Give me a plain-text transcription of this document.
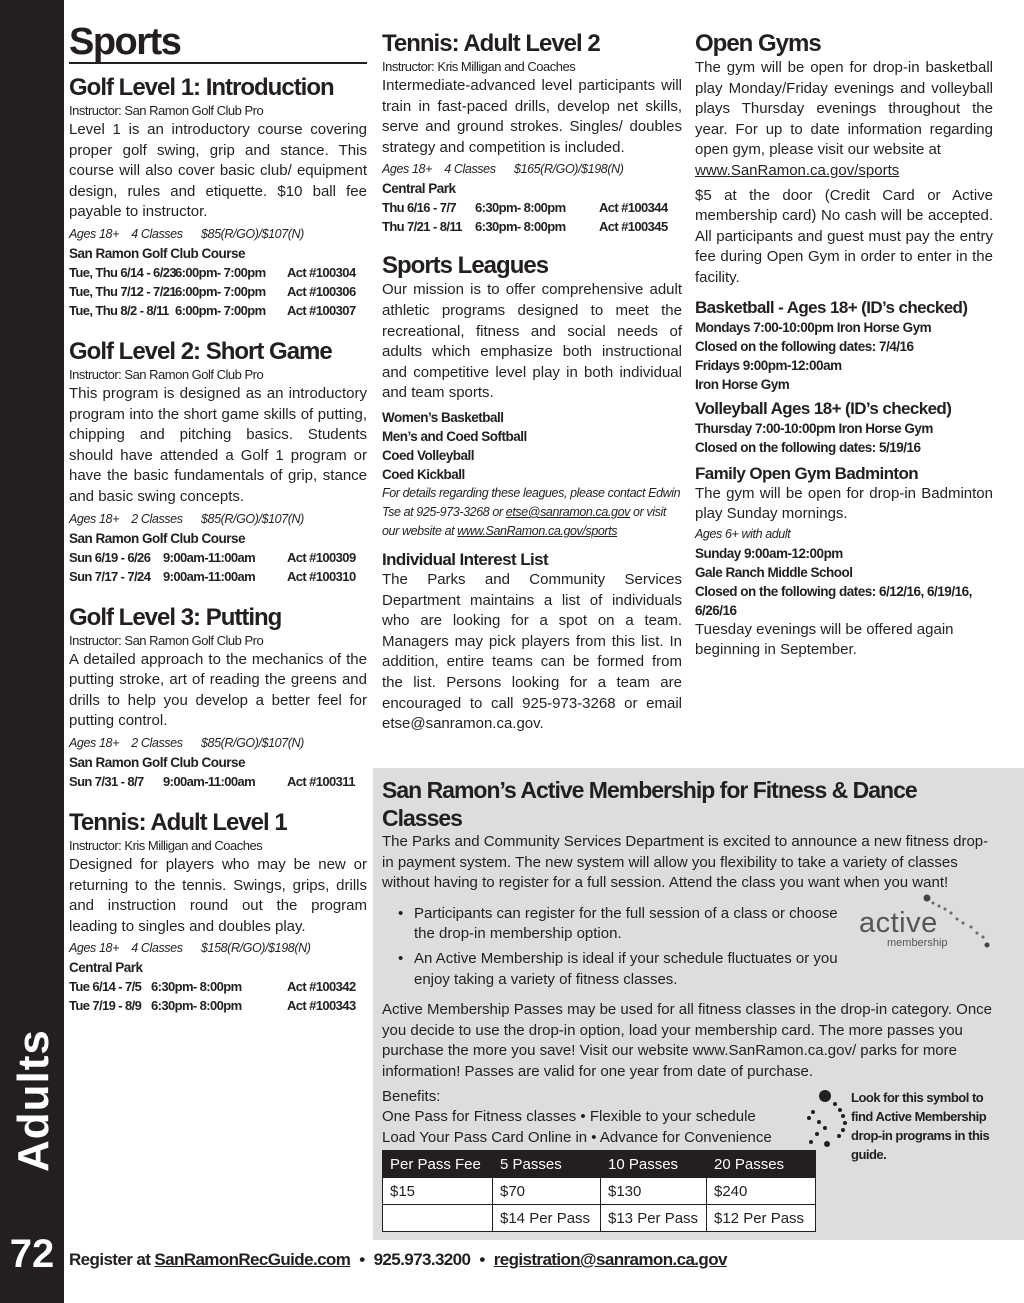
Adults
72
Sports
Golf Level 1: Introduction
Instructor: San Ramon Golf Club Pro

Level 1 is an introductory course covering proper golf swing, grip and stance. This course will also cover basic club/ equipment design, rules and etiquette. $10 ball fee payable to instructor.

Ages 18+    4 Classes      $85(R/GO)/$107(N)
San Ramon Golf Club Course
Tue, Thu 6/14 - 6/23 6:00pm- 7:00pm	Act #100304
Tue, Thu 7/12 - 7/21 6:00pm- 7:00pm	Act #100306
Tue, Thu 8/2 - 8/11 6:00pm- 7:00pm	Act #100307
Golf Level 2: Short Game
Instructor: San Ramon Golf Club Pro

This program is designed as an introductory program into the short game skills of putting, chipping and pitching basics. Students should have attended a Golf 1 program or have the basic fundamentals of grip, stance and basic swing concepts.

Ages 18+    2 Classes      $85(R/GO)/$107(N)
San Ramon Golf Club Course
Sun 6/19 - 6/26 9:00am-11:00am	Act #100309
Sun 7/17 - 7/24 9:00am-11:00am	Act #100310
Golf Level 3: Putting
Instructor: San Ramon Golf Club Pro

A detailed approach to the mechanics of the putting stroke, art of reading the greens and drills to help you develop a better feel for putting control.

Ages 18+    2 Classes      $85(R/GO)/$107(N)
San Ramon Golf Club Course
Sun 7/31 - 8/7	9:00am-11:00am	Act #100311
Tennis: Adult Level 1
Instructor: Kris Milligan and Coaches

Designed for players who may be new or returning to the tennis. Swings, grips, drills and instruction round out the program leading to singles and doubles play.

Ages 18+    4 Classes      $158(R/GO)/$198(N)
Central Park
Tue 6/14 - 7/5 6:30pm- 8:00pm	Act #100342
Tue 7/19 - 8/9 6:30pm- 8:00pm	Act #100343
Tennis: Adult Level 2
Instructor: Kris Milligan and Coaches

Intermediate-advanced level participants will train in fast-paced drills, develop net skills, serve and ground strokes. Singles/ doubles strategy and competition is included.

Ages 18+    4 Classes      $165(R/GO)/$198(N)
Central Park
Thu 6/16 - 7/7	6:30pm- 8:00pm	Act #100344
Thu 7/21 - 8/11	6:30pm- 8:00pm	Act #100345
Sports Leagues

Our mission is to offer comprehensive adult athletic programs designed to meet the recreational, fitness and social needs of adults which emphasize both instructional and competitive level play in both individual and team sports.

Women’s Basketball
Men’s and Coed Softball
Coed Volleyball
Coed Kickball
For details regarding these leagues, please contact Edwin Tse at 925-973-3268 or etse@sanramon.ca.gov or visit our website at www.SanRamon.ca.gov/sports
Individual Interest List

The Parks and Community Services Department maintains a list of individuals who are looking for a spot on a team. Managers may pick players from this list. In addition, entire teams can be formed from the list. Persons looking for a team are encouraged to call 925-973-3268 or email etse@sanramon.ca.gov.

Open Gyms

The gym will be open for drop-in basketball play Monday/Friday evenings and volleyball plays Thursday evenings throughout the year. For up to date information regarding open gym, please visit our website at

www.SanRamon.ca.gov/sports

$5 at the door (Credit Card or Active membership card) No cash will be accepted. All participants and guest must pay the entry fee during Open Gym in order to enter in the facility.

Basketball - Ages 18+ (ID’s checked)
Mondays 7:00-10:00pm Iron Horse Gym
Closed on the following dates: 7/4/16
Fridays 9:00pm-12:00am
Iron Horse Gym
Volleyball Ages 18+ (ID’s checked)
Thursday 7:00-10:00pm Iron Horse Gym
Closed on the following dates: 5/19/16
Family Open Gym Badminton

The gym will be open for drop-in Badminton play Sunday mornings.

Ages 6+ with adult
Sunday 9:00am-12:00pm
Gale Ranch Middle School
Closed on the following dates: 6/12/16, 6/19/16, 6/26/16

Tuesday evenings will be offered again beginning in September.

San Ramon’s Active Membership for Fitness & Dance Classes

The Parks and Community Services Department is excited to announce a new fitness drop-in payment system. The new system will allow you flexibility to take a variety of classes without having to register for a full session. Attend the class you want when you want!

• Participants can register for the full session of a class or choose the drop-in membership option.
• An Active Membership is ideal if your schedule fluctuates or you enjoy taking a variety of fitness classes.

Active Membership Passes may be used for all fitness classes in the drop-in category. Once you decide to use the drop-in option, load your membership card. The more passes you purchase the more you save! Visit our website www.SanRamon.ca.gov/ parks for more information! Passes are valid for one year from date of purchase.

Benefits:
One Pass for Fitness classes • Flexible to your schedule
Load Your Pass Card Online in • Advance for Convenience
active
membership
Look for this symbol to find Active Membership drop-in programs in this guide.
Per Pass Fee	5 Passes	10 Passes	20 Passes
$15	$70	$130	$240
	$14 Per Pass	$13 Per Pass	$12 Per Pass
Register at SanRamonRecGuide.com • 925.973.3200 • registration@sanramon.ca.gov
